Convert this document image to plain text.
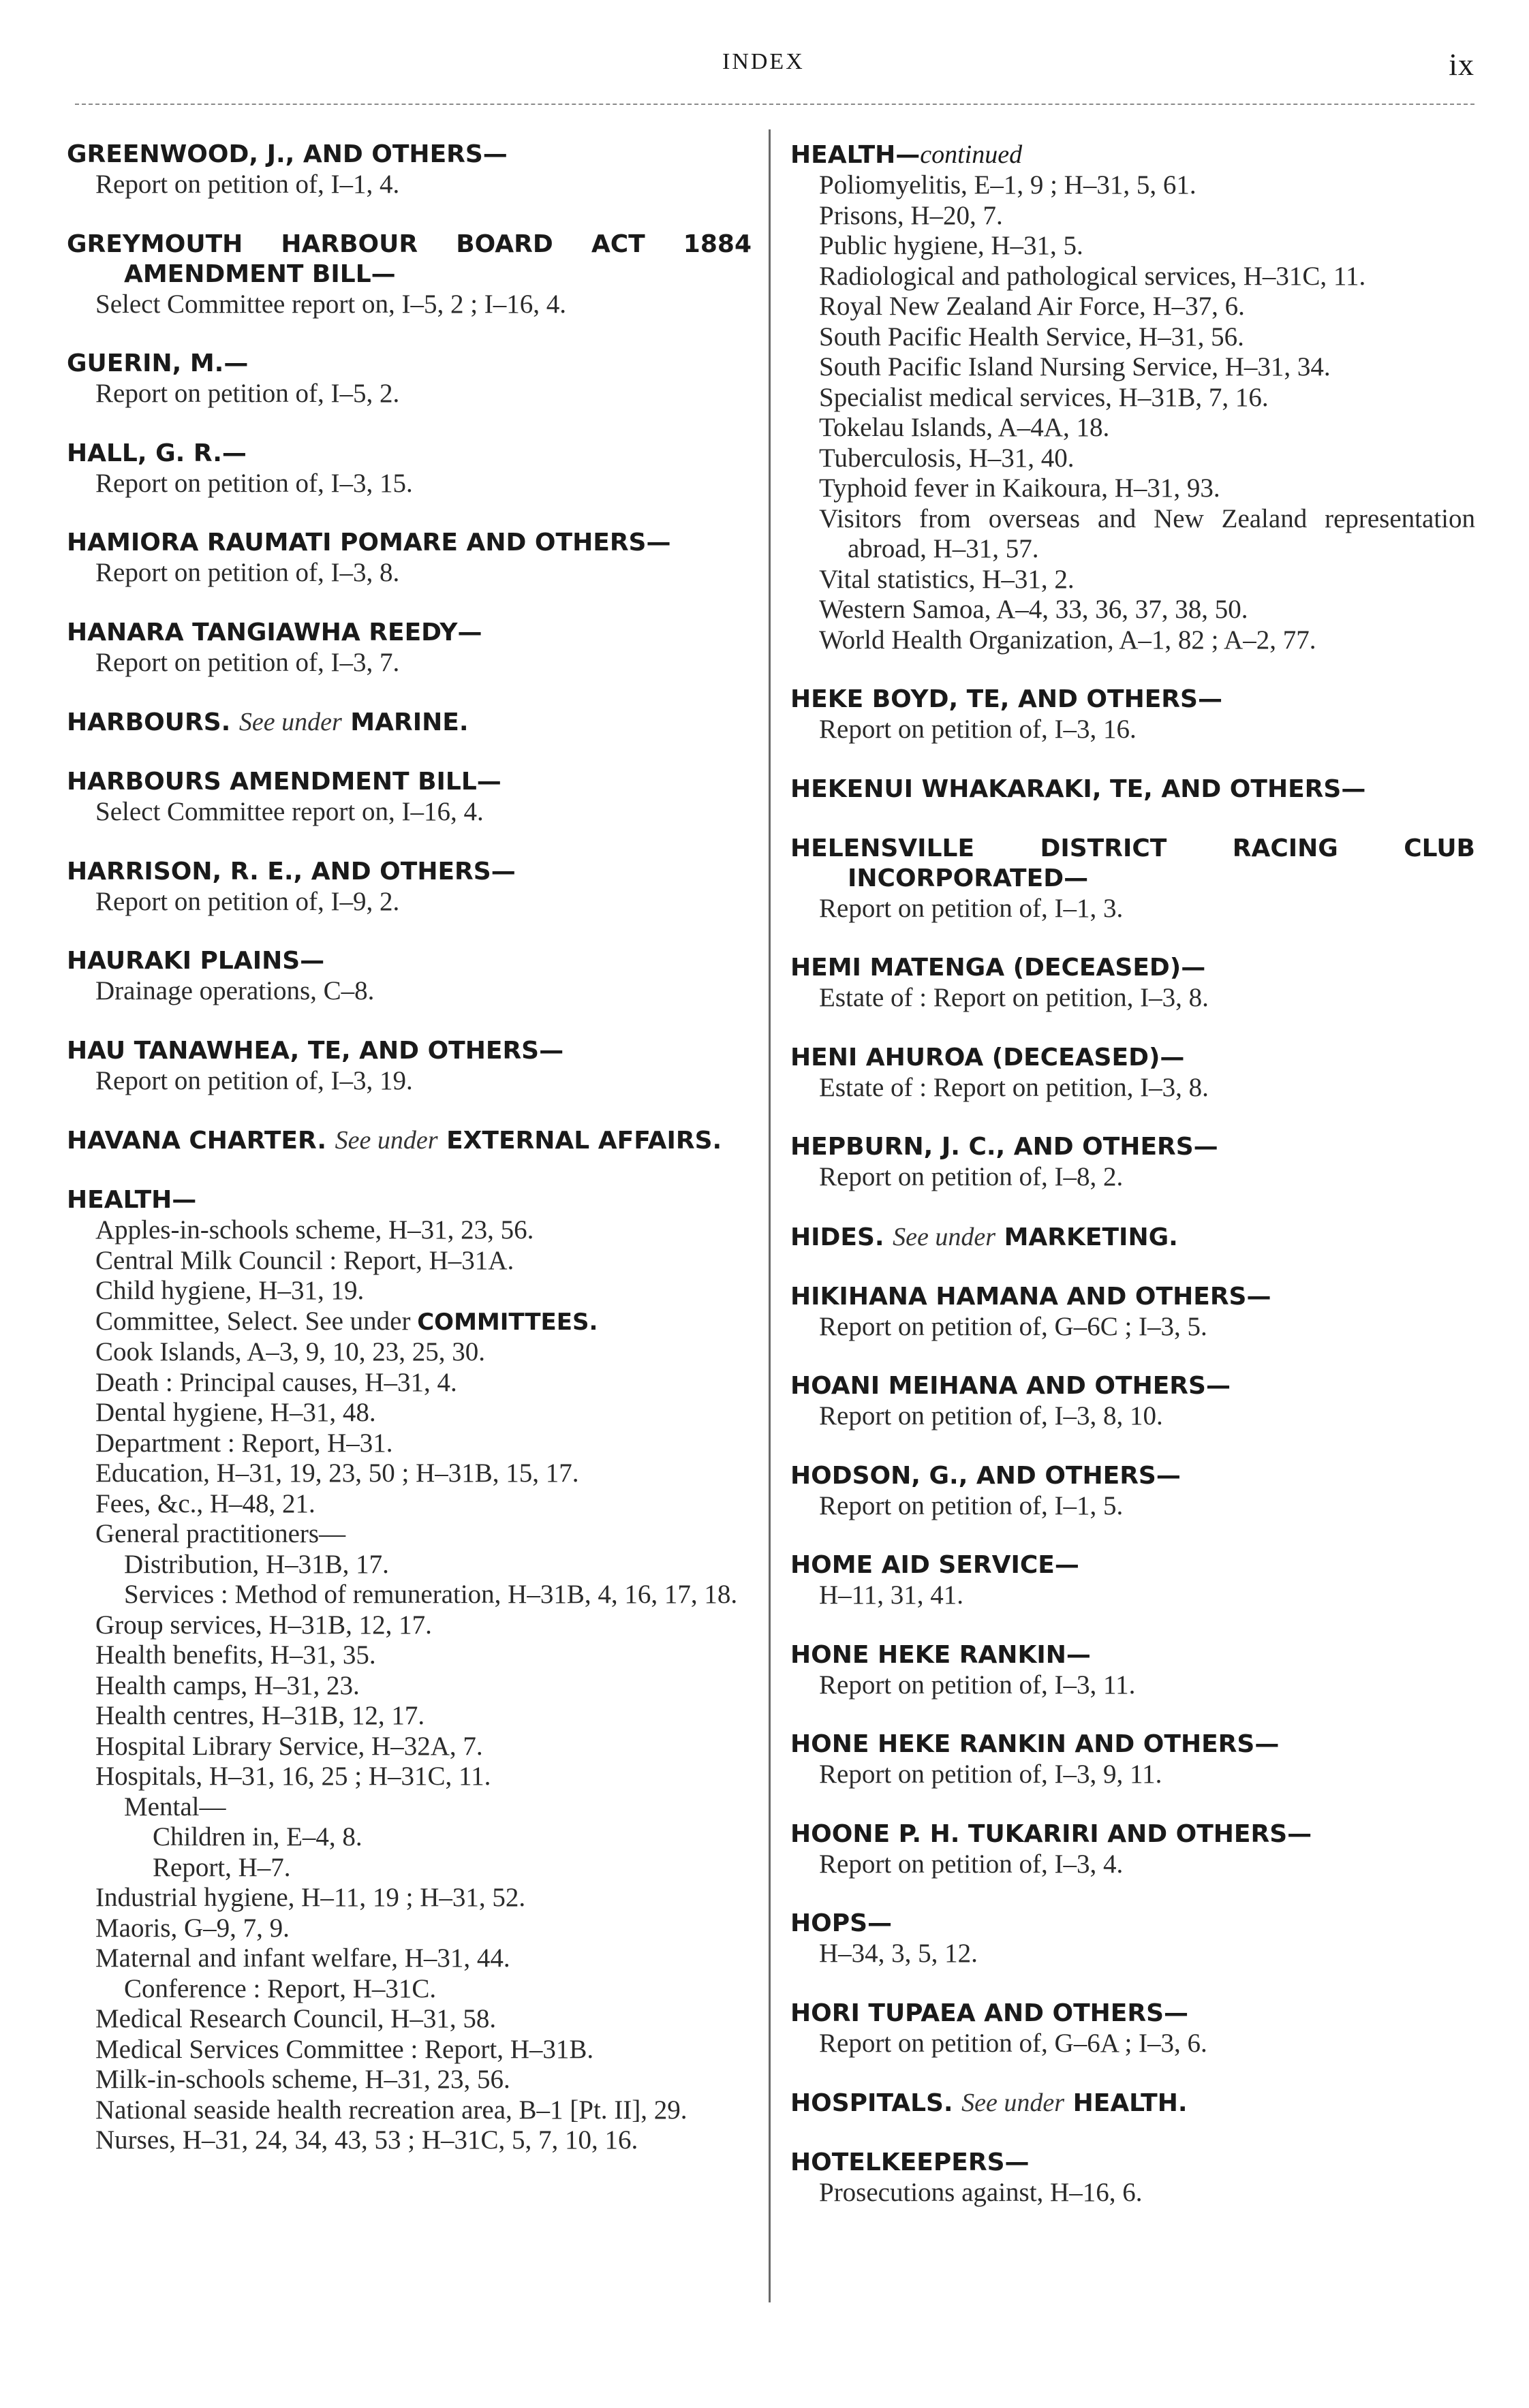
INDEX	ix
GREENWOOD, J., AND OTHERS—
Report on petition of, I–1, 4.
GREYMOUTH HARBOUR BOARD ACT 1884 AMENDMENT BILL—
Select Committee report on, I–5, 2 ; I–16, 4.
GUERIN, M.—
Report on petition of, I–5, 2.
HALL, G. R.—
Report on petition of, I–3, 15.
HAMIORA RAUMATI POMARE AND OTHERS—
Report on petition of, I–3, 8.
HANARA TANGIAWHA REEDY—
Report on petition of, I–3, 7.
HARBOURS. See under MARINE.
HARBOURS AMENDMENT BILL—
Select Committee report on, I–16, 4.
HARRISON, R. E., AND OTHERS—
Report on petition of, I–9, 2.
HAURAKI PLAINS—
Drainage operations, C–8.
HAU TANAWHEA, TE, AND OTHERS—
Report on petition of, I–3, 19.
HAVANA CHARTER. See under EXTERNAL AFFAIRS.
HEALTH—
Apples-in-schools scheme, H–31, 23, 56.
Central Milk Council : Report, H–31A.
Child hygiene, H–31, 19.
Committee, Select. See under COMMITTEES.
Cook Islands, A–3, 9, 10, 23, 25, 30.
Death : Principal causes, H–31, 4.
Dental hygiene, H–31, 48.
Department : Report, H–31.
Education, H–31, 19, 23, 50 ; H–31B, 15, 17.
Fees, &c., H–48, 21.
General practitioners—
Distribution, H–31B, 17.
Services : Method of remuneration, H–31B, 4, 16, 17, 18.
Group services, H–31B, 12, 17.
Health benefits, H–31, 35.
Health camps, H–31, 23.
Health centres, H–31B, 12, 17.
Hospital Library Service, H–32A, 7.
Hospitals, H–31, 16, 25 ; H–31C, 11.
Mental—
Children in, E–4, 8.
Report, H–7.
Industrial hygiene, H–11, 19 ; H–31, 52.
Maoris, G–9, 7, 9.
Maternal and infant welfare, H–31, 44.
Conference : Report, H–31C.
Medical Research Council, H–31, 58.
Medical Services Committee : Report, H–31B.
Milk-in-schools scheme, H–31, 23, 56.
National seaside health recreation area, B–1 [Pt. II], 29.
Nurses, H–31, 24, 34, 43, 53 ; H–31C, 5, 7, 10, 16.
HEALTH—continued
Poliomyelitis, E–1, 9 ; H–31, 5, 61.
Prisons, H–20, 7.
Public hygiene, H–31, 5.
Radiological and pathological services, H–31C, 11.
Royal New Zealand Air Force, H–37, 6.
South Pacific Health Service, H–31, 56.
South Pacific Island Nursing Service, H–31, 34.
Specialist medical services, H–31B, 7, 16.
Tokelau Islands, A–4A, 18.
Tuberculosis, H–31, 40.
Typhoid fever in Kaikoura, H–31, 93.
Visitors from overseas and New Zealand representation abroad, H–31, 57.
Vital statistics, H–31, 2.
Western Samoa, A–4, 33, 36, 37, 38, 50.
World Health Organization, A–1, 82 ; A–2, 77.
HEKE BOYD, TE, AND OTHERS—
Report on petition of, I–3, 16.
HEKENUI WHAKARAKI, TE, AND OTHERS—
HELENSVILLE DISTRICT RACING CLUB INCORPORATED—
Report on petition of, I–1, 3.
HEMI MATENGA (DECEASED)—
Estate of : Report on petition, I–3, 8.
HENI AHUROA (DECEASED)—
Estate of : Report on petition, I–3, 8.
HEPBURN, J. C., AND OTHERS—
Report on petition of, I–8, 2.
HIDES. See under MARKETING.
HIKIHANA HAMANA AND OTHERS—
Report on petition of, G–6C ; I–3, 5.
HOANI MEIHANA AND OTHERS—
Report on petition of, I–3, 8, 10.
HODSON, G., AND OTHERS—
Report on petition of, I–1, 5.
HOME AID SERVICE—
H–11, 31, 41.
HONE HEKE RANKIN—
Report on petition of, I–3, 11.
HONE HEKE RANKIN AND OTHERS—
Report on petition of, I–3, 9, 11.
HOONE P. H. TUKARIRI AND OTHERS—
Report on petition of, I–3, 4.
HOPS—
H–34, 3, 5, 12.
HORI TUPAEA AND OTHERS—
Report on petition of, G–6A ; I–3, 6.
HOSPITALS. See under HEALTH.
HOTELKEEPERS—
Prosecutions against, H–16, 6.
